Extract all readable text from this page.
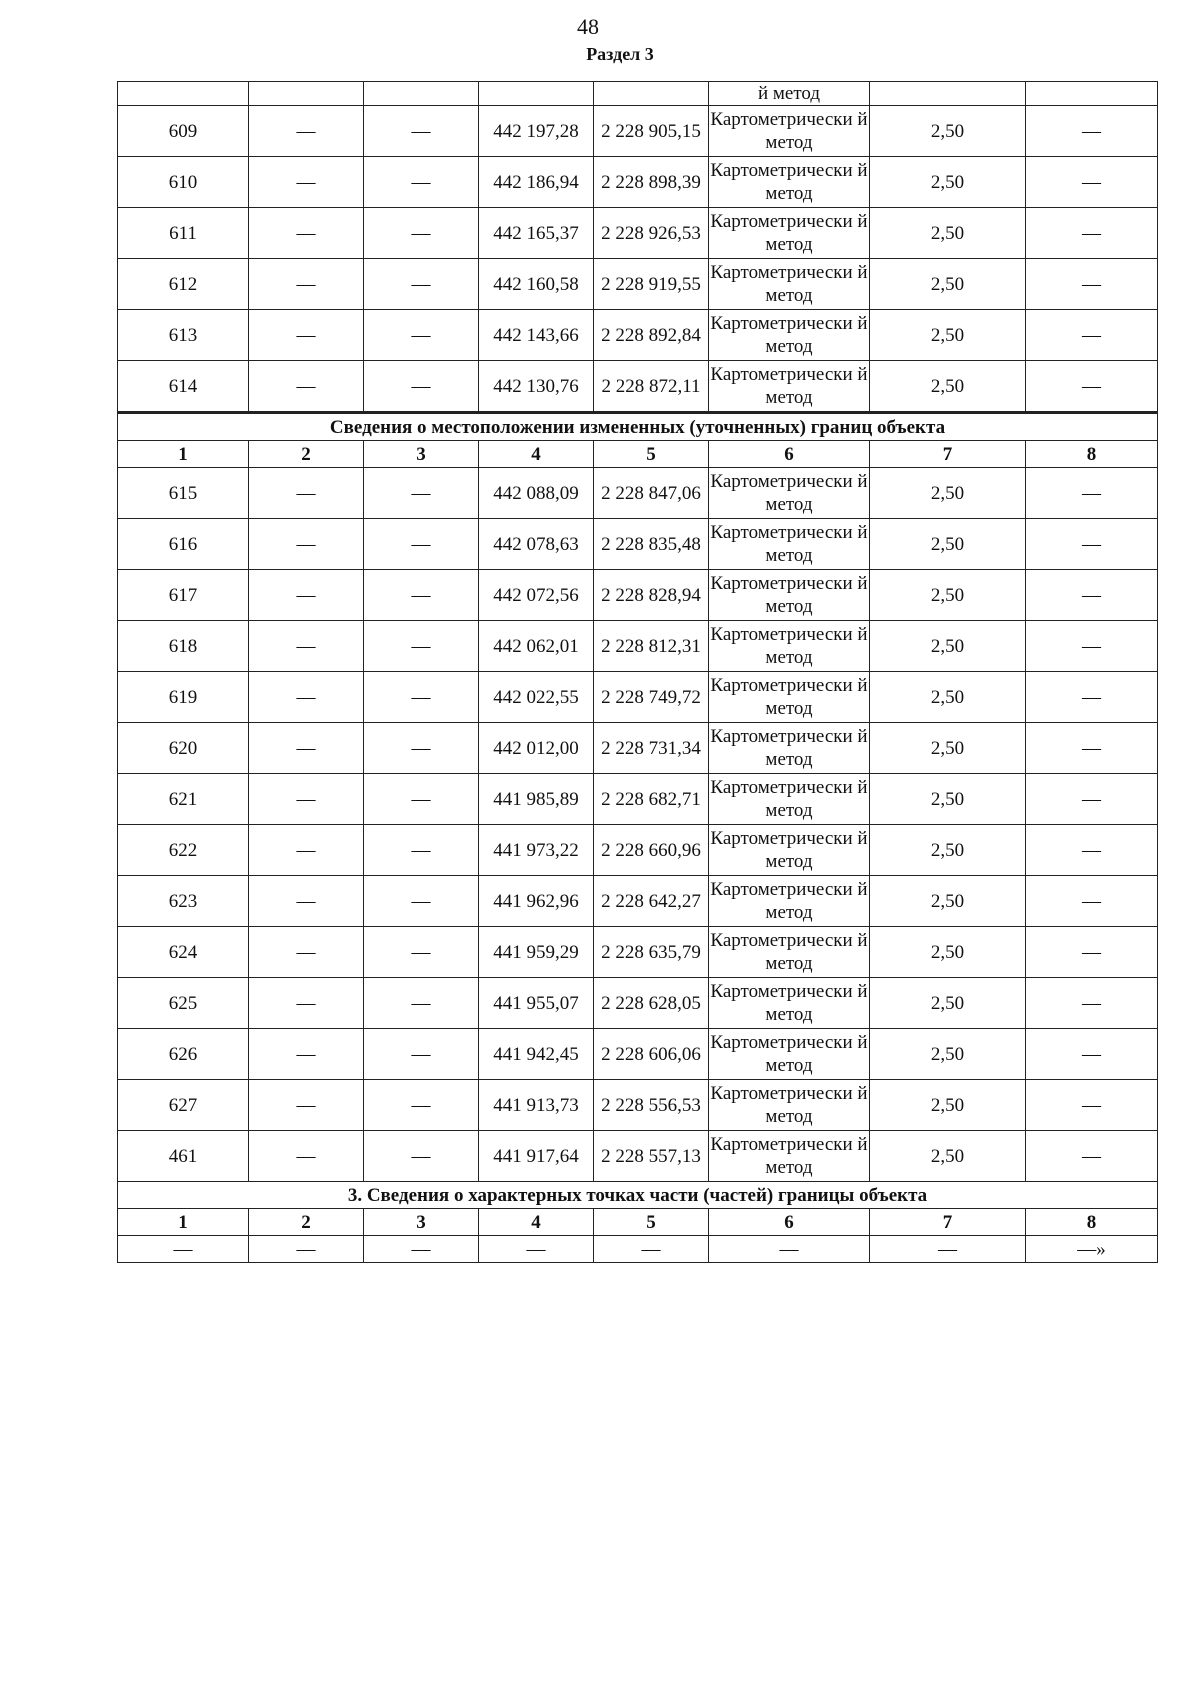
48
Раздел 3
					й метод		
609	—	—	442 197,28	2 228 905,15	Картометрически й метод	2,50	—
610	—	—	442 186,94	2 228 898,39	Картометрически й метод	2,50	—
611	—	—	442 165,37	2 228 926,53	Картометрически й метод	2,50	—
612	—	—	442 160,58	2 228 919,55	Картометрически й метод	2,50	—
613	—	—	442 143,66	2 228 892,84	Картометрически й метод	2,50	—
614	—	—	442 130,76	2 228 872,11	Картометрически й метод	2,50	—
Сведения о местоположении измененных (уточненных) границ объекта							
1	2	3	4	5	6	7	8
615	—	—	442 088,09	2 228 847,06	Картометрически й метод	2,50	—
616	—	—	442 078,63	2 228 835,48	Картометрически й метод	2,50	—
617	—	—	442 072,56	2 228 828,94	Картометрически й метод	2,50	—
618	—	—	442 062,01	2 228 812,31	Картометрически й метод	2,50	—
619	—	—	442 022,55	2 228 749,72	Картометрически й метод	2,50	—
620	—	—	442 012,00	2 228 731,34	Картометрически й метод	2,50	—
621	—	—	441 985,89	2 228 682,71	Картометрически й метод	2,50	—
622	—	—	441 973,22	2 228 660,96	Картометрически й метод	2,50	—
623	—	—	441 962,96	2 228 642,27	Картометрически й метод	2,50	—
624	—	—	441 959,29	2 228 635,79	Картометрически й метод	2,50	—
625	—	—	441 955,07	2 228 628,05	Картометрически й метод	2,50	—
626	—	—	441 942,45	2 228 606,06	Картометрически й метод	2,50	—
627	—	—	441 913,73	2 228 556,53	Картометрически й метод	2,50	—
461	—	—	441 917,64	2 228 557,13	Картометрически й метод	2,50	—
3. Сведения о характерных точках части (частей) границы объекта							
1	2	3	4	5	6	7	8
—	—	—	—	—	—	—	—»
